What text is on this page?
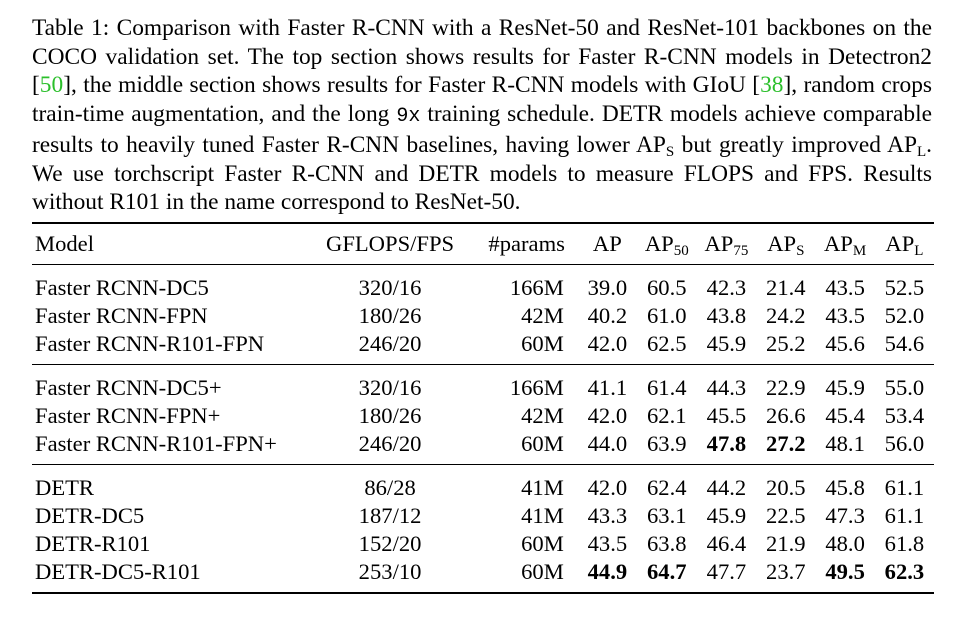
Table 1: Comparison with Faster R-CNN with a ResNet-50 and ResNet-101 backbones on the COCO validation set. The top section shows results for Faster R-CNN models in Detectron2 [50], the middle section shows results for Faster R-CNN models with GIoU [38], random crops train-time augmentation, and the long 9x training schedule. DETR models achieve comparable results to heavily tuned Faster R-CNN baselines, having lower $AP_S$ but greatly improved $AP_L$. We use torchscript Faster R-CNN and DETR models to measure FLOPS and FPS. Results without R101 in the name correspond to ResNet-50.

Model	GFLOPS/FPS	#params	AP	$AP_{50}$	$AP_{75}$	$AP_S$	$AP_M$	$AP_L$
Faster RCNN-DC5	320/16	166M	39.0	60.5	42.3	21.4	43.5	52.5
Faster RCNN-FPN	180/26	42M	40.2	61.0	43.8	24.2	43.5	52.0
Faster RCNN-R101-FPN	246/20	60M	42.0	62.5	45.9	25.2	45.6	54.6
Faster RCNN-DC5+	320/16	166M	41.1	61.4	44.3	22.9	45.9	55.0
Faster RCNN-FPN+	180/26	42M	42.0	62.1	45.5	26.6	45.4	53.4
Faster RCNN-R101-FPN+	246/20	60M	44.0	63.9	47.8	27.2	48.1	56.0
DETR	86/28	41M	42.0	62.4	44.2	20.5	45.8	61.1
DETR-DC5	187/12	41M	43.3	63.1	45.9	22.5	47.3	61.1
DETR-R101	152/20	60M	43.5	63.8	46.4	21.9	48.0	61.8
DETR-DC5-R101	253/10	60M	44.9	64.7	47.7	23.7	49.5	62.3
